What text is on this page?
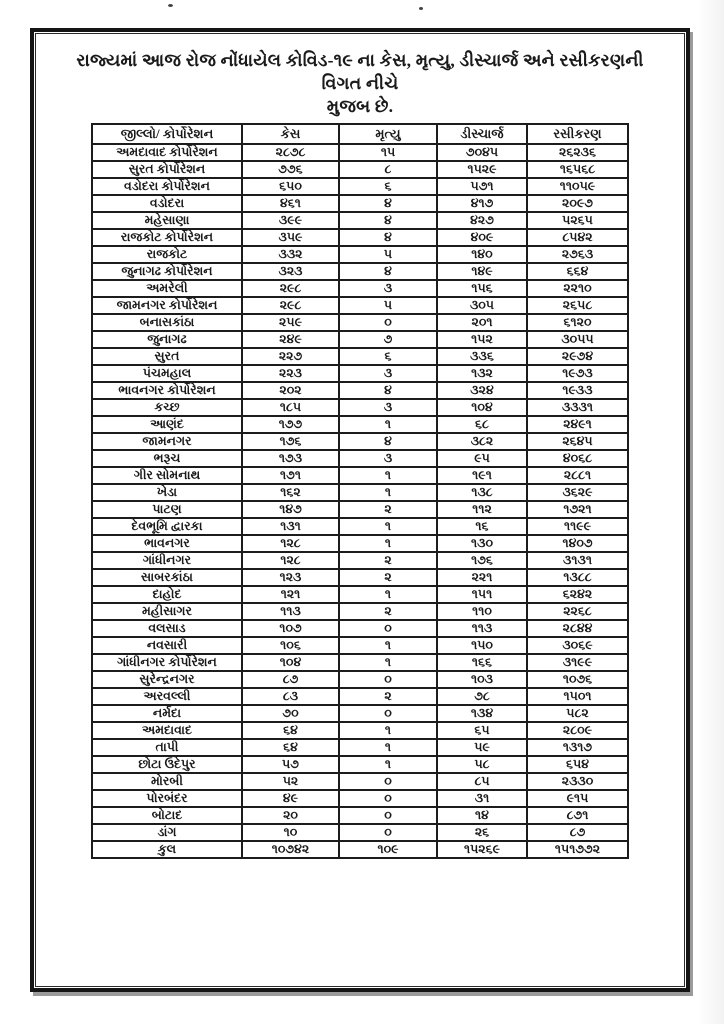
રાજ્યમાં આજ રોજ નોંધાયેલ કોવિડ-૧૯ ના કેસ, મૃત્યુ, ડીસ્ચાર્જ અને રસીકરણની વિગત નીચે
મુજબ છે.
જીલ્લો/ કોર્પોરેશન	કેસ	મૃત્યુ	ડીસ્ચાર્જ	રસીકરણ
અમદાવાદ કોર્પોરેશન	૨૮૭૮	૧૫	૭૦૪૫	૨૬૨૩૬
સુરત કોર્પોરેશન	૭૭૬	૮	૧૫૨૯	૧૬૫૬૮
વડોદરા કોર્પોરેશન	૬૫૦	૬	૫૭૧	૧૧૦૫૯
વડોદરા	૪૬૧	૪	૪૧૭	૨૦૯૭
મહેસાણા	૩૯૯	૪	૪૨૭	૫૨૬૫
રાજકોટ કોર્પોરેશન	૩૫૯	૪	૪૦૯	૮૫૪૨
રાજકોટ	૩૩૨	૫	૧૪૦	૨૭૬૩
જુનાગઢ કોર્પોરેશન	૩૨૩	૪	૧૪૯	૬૬૪
અમરેલી	૨૯૮	૩	૧૫૬	૨૨૧૦
જામનગર કોર્પોરેશન	૨૯૮	૫	૩૦૫	૨૬૫૮
બનાસકાંઠા	૨૫૯	૦	૨૦૧	૬૧૨૦
જુનાગઢ	૨૪૯	૭	૧૫૨	૩૦૫૫
સુરત	૨૨૭	૬	૩૩૬	૨૯૭૪
પંચમહાલ	૨૨૩	૩	૧૩૨	૧૯૭૩
ભાવનગર કોર્પોરેશન	૨૦૨	૪	૩૨૪	૧૯૩૩
કચ્છ	૧૮૫	૩	૧૦૪	૩૩૩૧
આણંદ	૧૭૭	૧	૬૮	૨૪૯૧
જામનગર	૧૭૬	૪	૩૮૨	૨૬૪૫
ભરૂચ	૧૭૩	૩	૯૫	૪૦૬૮
ગીર સોમનાથ	૧૭૧	૧	૧૯૧	૨૮૮૧
ખેડા	૧૬૨	૧	૧૩૮	૩૬૨૯
પાટણ	૧૪૭	૨	૧૧૨	૧૭૨૧
દેવભૂમિ દ્વારકા	૧૩૧	૧	૧૬	૧૧૯૯
ભાવનગર	૧૨૮	૧	૧૩૦	૧૪૦૭
ગાંધીનગર	૧૨૮	૨	૧૭૬	૩૧૩૧
સાબરકાંઠા	૧૨૩	૨	૨૨૧	૧૩૮૮
દાહોદ	૧૨૧	૧	૧૫૧	૬૨૪૨
મહીસાગર	૧૧૩	૨	૧૧૦	૨૨૬૮
વલસાડ	૧૦૭	૦	૧૧૩	૨૮૪૪
નવસારી	૧૦૬	૧	૧૫૦	૩૦૬૯
ગાંધીનગર કોર્પોરેશન	૧૦૪	૧	૧૬૬	૩૧૯૯
સુરેન્દ્રનગર	૮૭	૦	૧૦૩	૧૦૭૬
અરવલ્લી	૮૩	૨	૭૮	૧૫૦૧
નર્મદા	૭૦	૦	૧૩૪	૫૮૨
અમદાવાદ	૬૪	૧	૬૫	૨૮૦૯
તાપી	૬૪	૧	૫૯	૧૩૧૭
છોટા ઉદેપુર	૫૭	૧	૫૮	૬૫૪
મોરબી	૫૨	૦	૮૫	૨૩૩૦
પોરબંદર	૪૯	૦	૩૧	૯૧૫
બોટાદ	૨૦	૦	૧૪	૮૭૧
ડાંગ	૧૦	૦	૨૬	૮૭
કુલ	૧૦૭૪૨	૧૦૯	૧૫૨૬૯	૧૫૧૭૭૨
